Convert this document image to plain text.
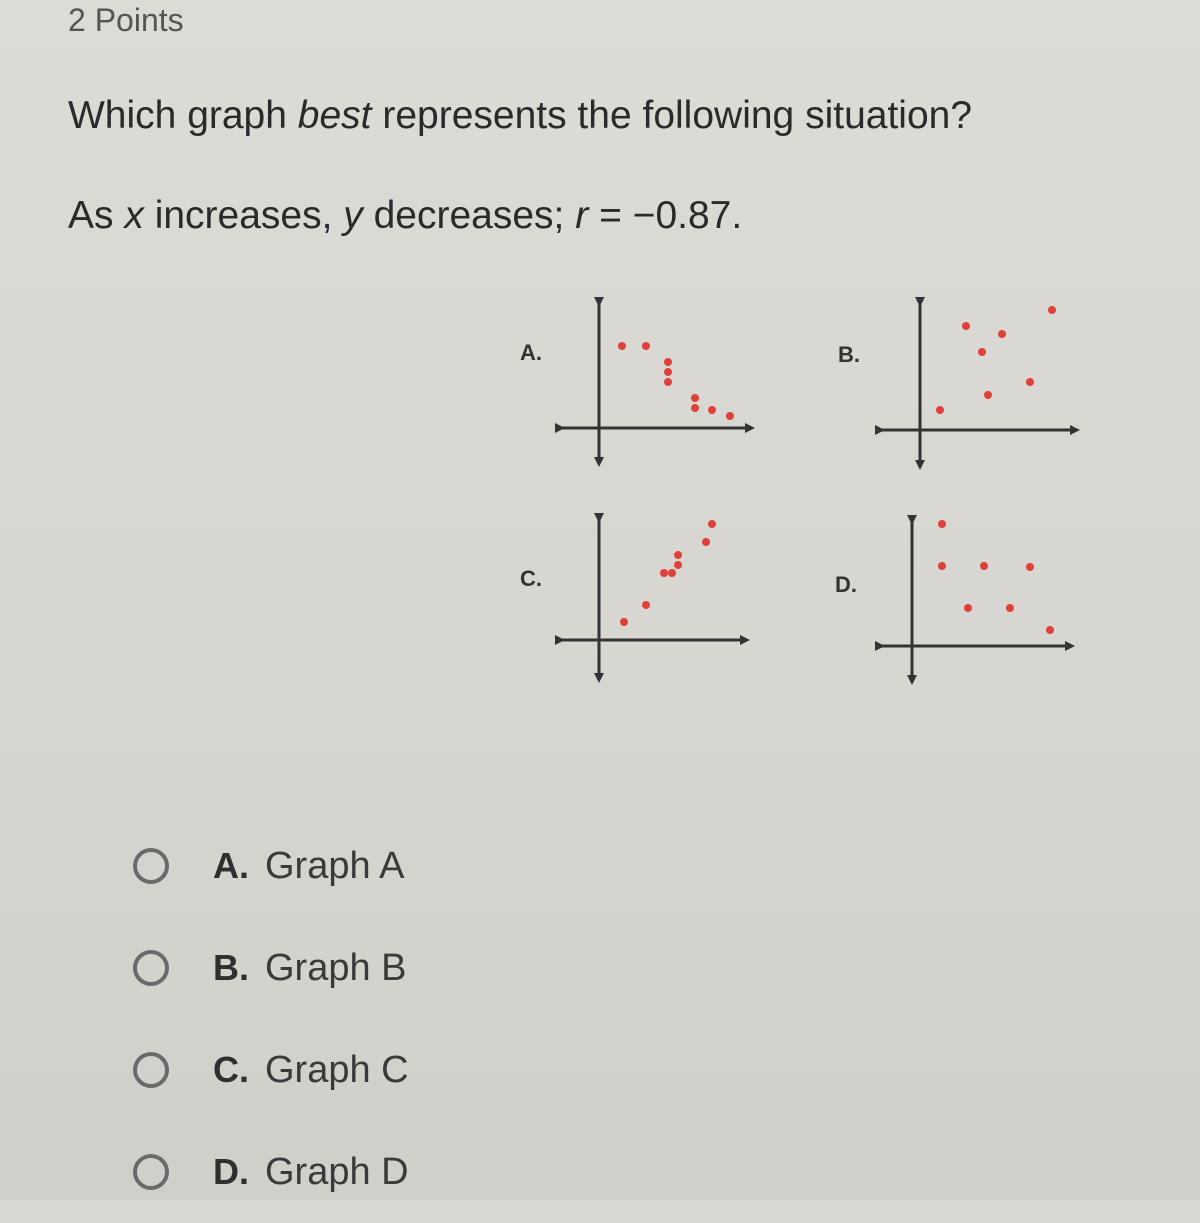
2 Points
Which graph best represents the following situation?
As x increases, y decreases; r = −0.87.
A.	B.
C.	D.
A. Graph A
B. Graph B
C. Graph C
D. Graph D
